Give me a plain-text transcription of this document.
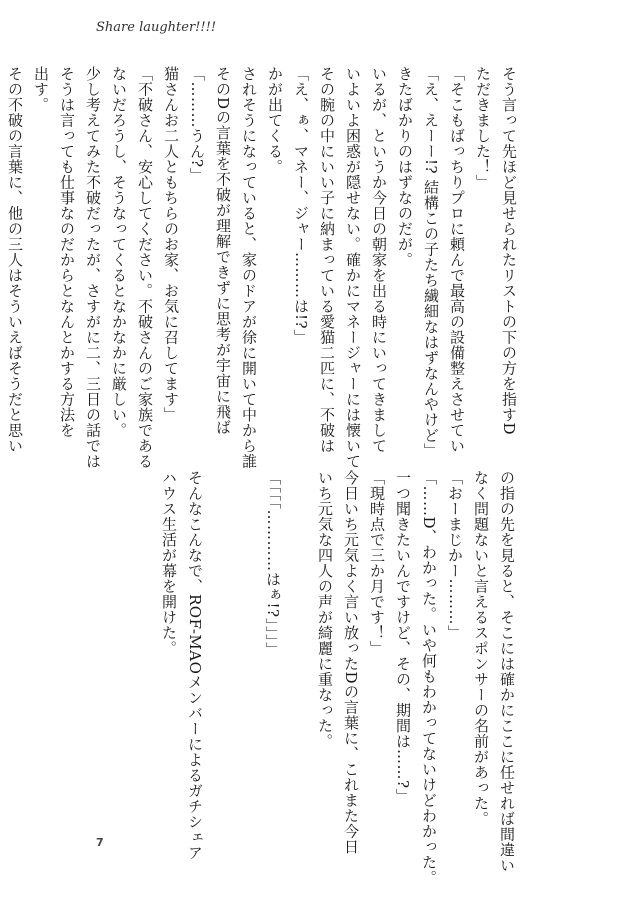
Share laughter!!!!

そう言って先ほど見せられたリストの下の方を指すD

ただきました！」

「そこもばっちりプロに頼んで最高の設備整えさせてい

「え、えーー!? 結構この子たち繊細なはずなんやけど」

きたばかりのはずなのだが。

いるが、というか今日の朝家を出る時にいってきまして

いよいよ困惑が隠せない。確かにマネージャーには懐いて

その腕の中にいい子に納まっている愛猫二匹に、不破は

「え、ぁ、マネー、ジャー………は!?」

かが出てくる。

されそうになっていると、家のドアが徐に開いて中から誰

そのDの言葉を不破が理解できずに思考が宇宙に飛ば

「………うん?」

猫さんお二人ともちらのお家、お気に召してます」

「不破さん、安心してください。不破さんのご家族である

ないだろうし、そうなってくるとなかなかに厳しい。

少し考えてみた不破だったが、さすがに二、三日の話では

そうは言っても仕事なのだからとなんとかする方法を

出す。

その不破の言葉に、他の三人はそういえばそうだと思い

の指の先を見ると、そこには確かにここに任せれば間違い

なく問題ないと言えるスポンサーの名前があった。

「おーまじかー………」

「……D、わかった。いや何もわかってないけどわかった。

一つ聞きたいんですけど、その、期間は……?」

「現時点で三か月です！」

今日いち元気よく言い放ったDの言葉に、これまた今日

いち元気な四人の声が綺麗に重なった。

「「「「…………はぁ!?」」」」

そんなこんなで、ROF-MAOメンバーによるガチシェア

ハウス生活が幕を開けた。

7
